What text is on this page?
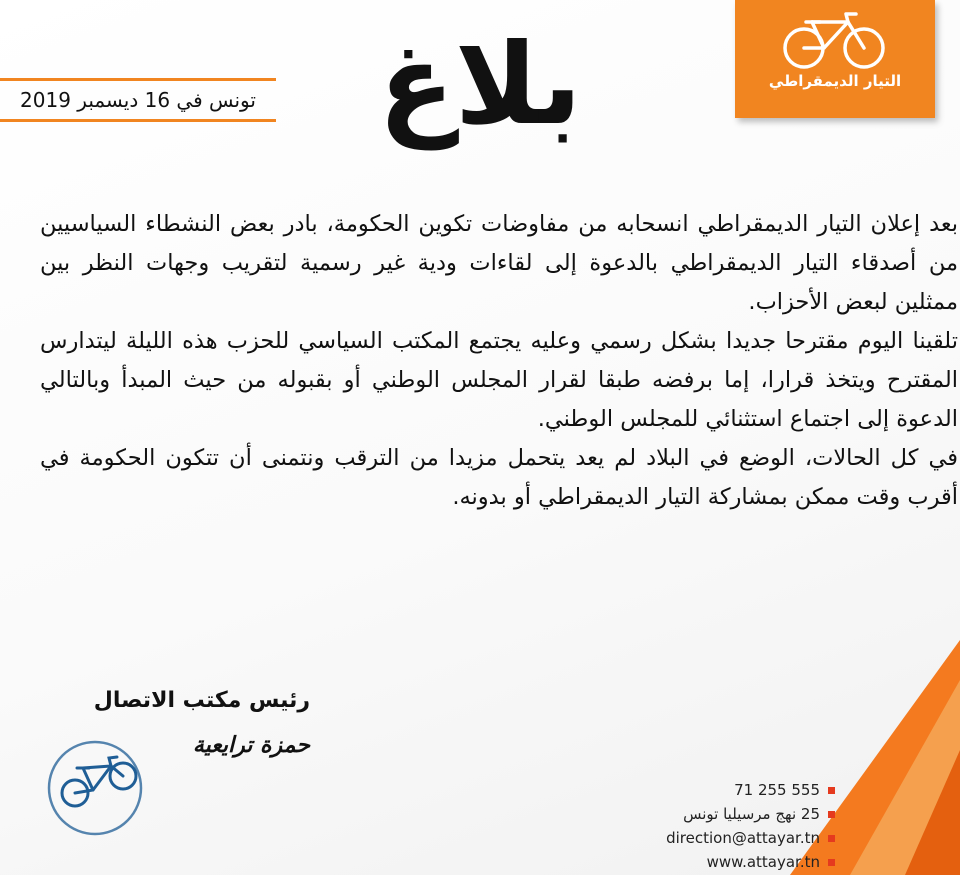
التيار الديمقراطي
تونس في 16 ديسمبر 2019 بلاغ

بعد إعلان التيار الديمقراطي انسحابه من مفاوضات تكوين الحكومة، بادر بعض النشطاء السياسيين من أصدقاء التيار الديمقراطي بالدعوة إلى لقاءات ودية غير رسمية لتقريب وجهات النظر بين ممثلين لبعض الأحزاب.

تلقينا اليوم مقترحا جديدا بشكل رسمي وعليه يجتمع المكتب السياسي للحزب هذه الليلة ليتدارس المقترح ويتخذ قرارا، إما برفضه طبقا لقرار المجلس الوطني أو بقبوله من حيث المبدأ وبالتالي الدعوة إلى اجتماع استثنائي للمجلس الوطني.

في كل الحالات، الوضع في البلاد لم يعد يتحمل مزيدا من الترقب ونتمنى أن تتكون الحكومة في أقرب وقت ممكن بمشاركة التيار الديمقراطي أو بدونه.

رئيس مكتب الاتصال
حمزة ترايعية
71 255 555
25 نهج مرسيليا تونس
direction@attayar.tn
www.attayar.tn
